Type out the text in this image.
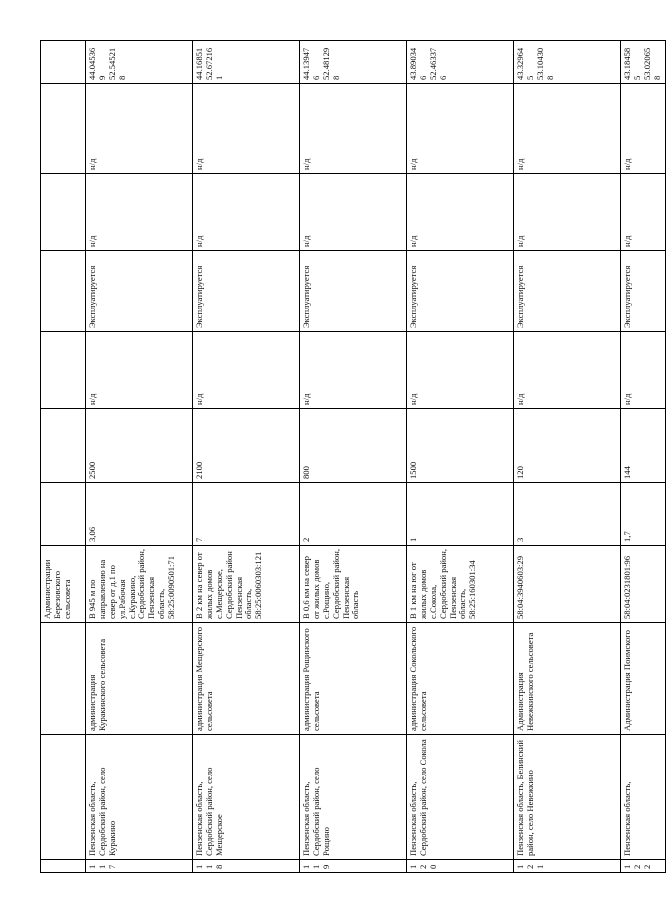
			Администрации Березовского сельсовета							
117	Пензенская область, Сердобский район, село Куракино	администрация Куракинского сельсовета	В 945 м по направлению на север от д.1 по ул.Рабочая с.Куракино, Сердобский район, Пензенская область, 58:25:0090501:71	3,06	2500	н/д	Эксплуатируется	н/д	н/д	44.045369 52.545218
118	Пензенская область, Сердобский район, село Мещерское	администрация Мещерского сельсовета	В 2 км на север от жилых домов с.Мещерское, Сердобский район Пензенская область, 58:25:0060303:121	7	2100	н/д	Эксплуатируется	н/д	н/д	44.16851 52.672161
119	Пензенская область, Сердобский район, село Рощино	администрация Рощинского сельсовета	В 0,6 км на север от жилых домов с.Рощино, Сердобский район, Пензенская область	2	800	н/д	Эксплуатируется	н/д	н/д	44.139476 52.481298
120	Пензенская область, Сердобский район, село Сокола	администрация Сокольского сельсовета	В 1 км на юг от жилых домов с.Сокола, Сердобский район, Пензенская область, 58:25:160301:34	1	1500	н/д	Эксплуатируется	н/д	н/д	43.890346 52.463376
121	Пензенская область, Белинский район, село Невежкино	Администрация Невежкинского сельсовета	58:04:3940603:29	3	120	н/д	Эксплуатируется	н/д	н/д	43.329645 53.104308
122	Пензенская область,	Администрация Поимского	58:04:0231801:96	1,7	144	н/д	Эксплуатируется	н/д	н/д	43.184585 53.020658
